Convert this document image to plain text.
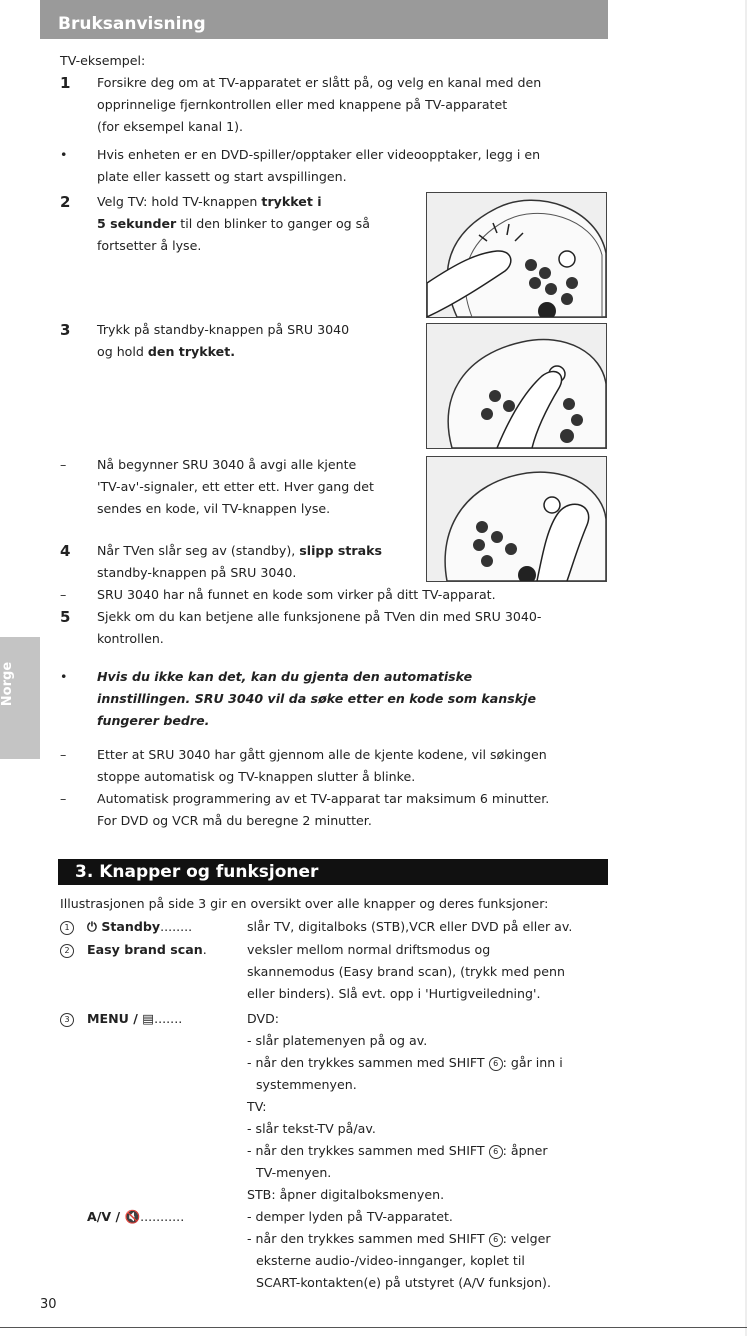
Bruksanvisning
Norge
TV-eksempel:
1	Forsikre deg om at TV-apparatet er slått på, og velg en kanal med den
opprinnelige fjernkontrollen eller med knappene på TV-apparatet
(for eksempel kanal 1).
•	Hvis enheten er en DVD-spiller/opptaker eller videoopptaker, legg i en
plate eller kassett og start avspillingen.
2	Velg TV: hold TV-knappen trykket i
5 sekunder til den blinker to ganger og så
fortsetter å lyse.
3	Trykk på standby-knappen på SRU 3040
og hold den trykket.
–	Nå begynner SRU 3040 å avgi alle kjente
'TV-av'-signaler, ett etter ett. Hver gang det
sendes en kode, vil TV-knappen lyse.
4	Når TVen slår seg av (standby), slipp straks
standby-knappen på SRU 3040.
–	SRU 3040 har nå funnet en kode som virker på ditt TV-apparat.
5	Sjekk om du kan betjene alle funksjonene på TVen din med SRU 3040-
kontrollen.
•	Hvis du ikke kan det, kan du gjenta den automatiske
innstillingen. SRU 3040 vil da søke etter en kode som kanskje
fungerer bedre.
–	Etter at SRU 3040 har gått gjennom alle de kjente kodene, vil søkingen
stoppe automatisk og TV-knappen slutter å blinke.
–	Automatisk programmering av et TV-apparat tar maksimum 6 minutter.
For DVD og VCR må du beregne 2 minutter.
3. Knapper og funksjoner
Illustrasjonen på side 3 gir en oversikt over alle knapper og deres funksjoner:
1	⏻ Standby........	slår TV, digitalboks (STB),VCR eller DVD på eller av.
2	Easy brand scan.	veksler mellom normal driftsmodus og
skannemodus (Easy brand scan), (trykk med penn
eller binders). Slå evt. opp i 'Hurtigveiledning'.
3	MENU / ▤.......	DVD:
- slår platemenyen på og av.
- når den trykkes sammen med SHIFT 6 : går inn i
systemmenyen.
TV:
- slår tekst-TV på/av.
- når den trykkes sammen med SHIFT 6 : åpner
TV-menyen.
STB: åpner digitalboksmenyen.
A/V / 🔇...........	- demper lyden på TV-apparatet.
- når den trykkes sammen med SHIFT 6 : velger
eksterne audio-/video-innganger, koplet til
SCART-kontakten(e) på utstyret (A/V funksjon).
30
